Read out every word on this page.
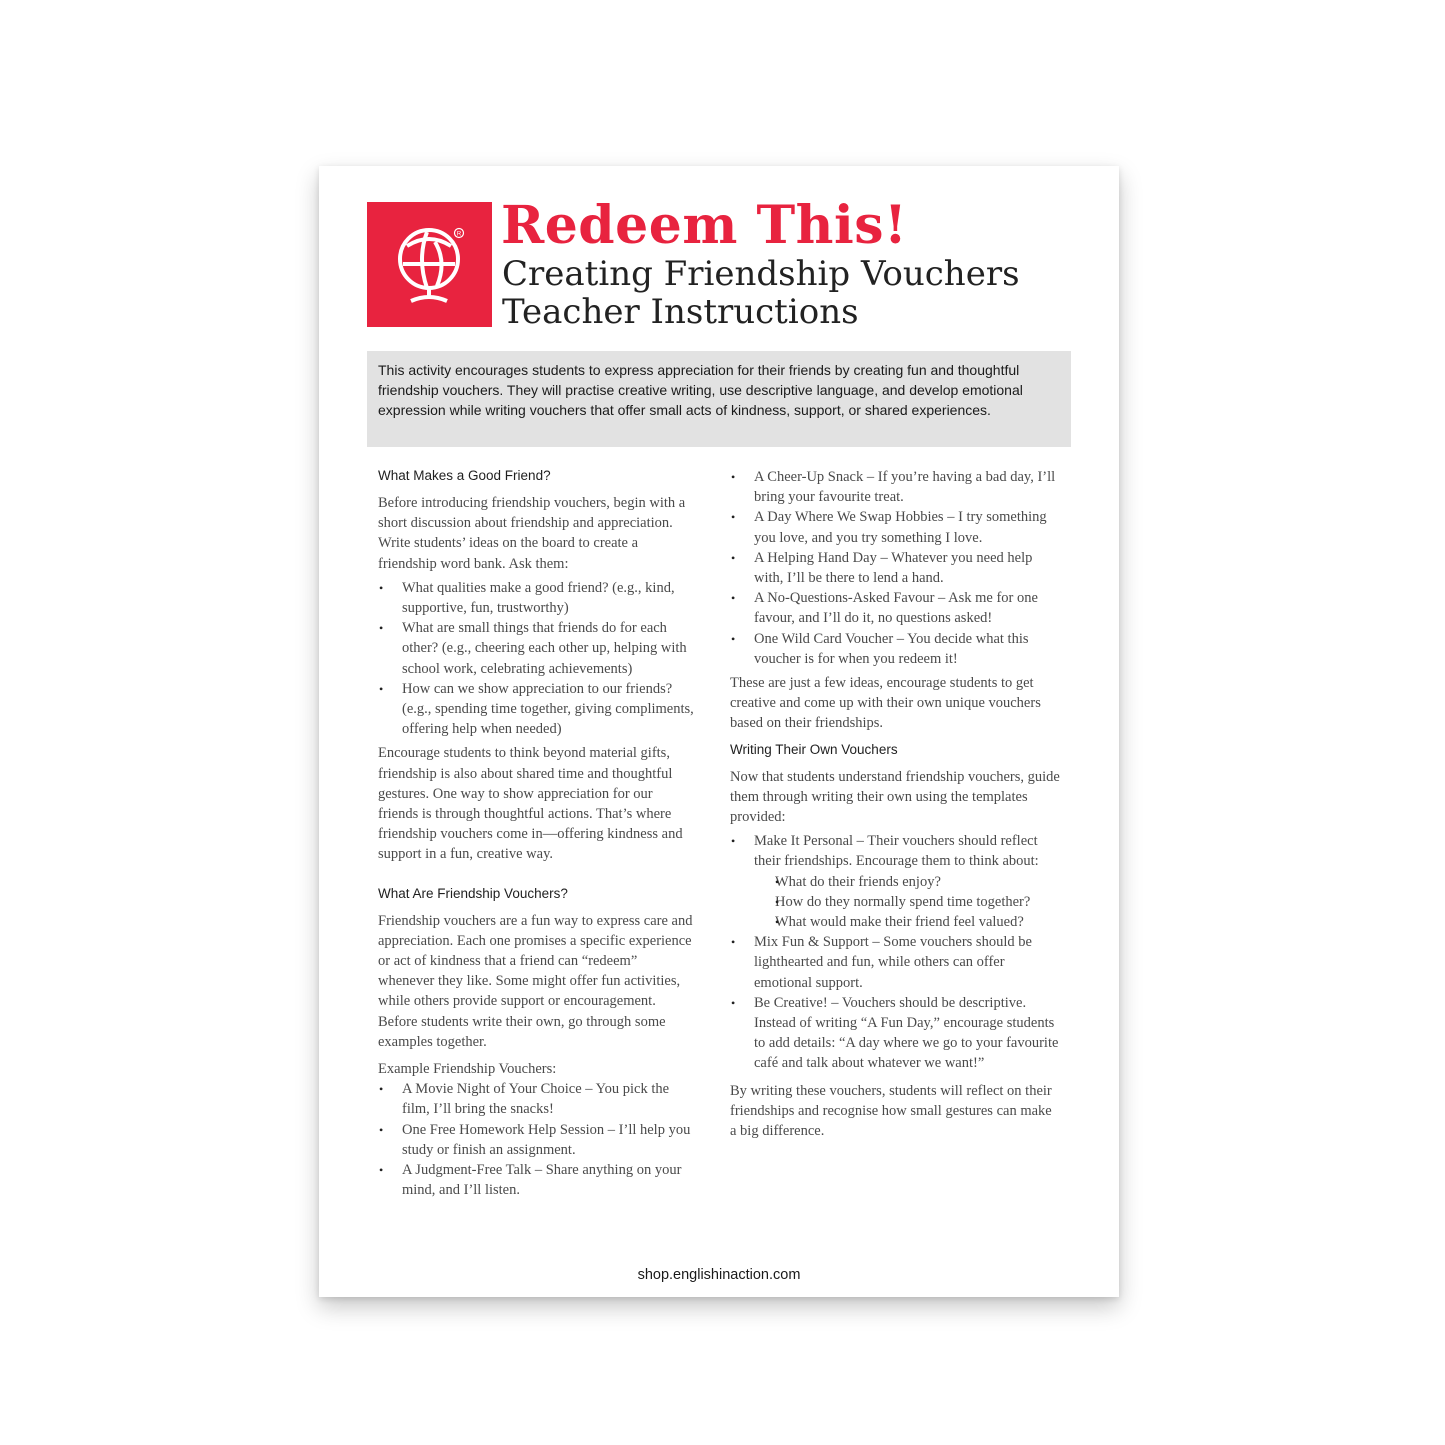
R Redeem This!
Creating Friendship Vouchers
Teacher Instructions
This activity encourages students to express appreciation for their friends by creating fun and thoughtful friendship vouchers. They will practise creative writing, use descriptive language, and develop emotional expression while writing vouchers that offer small acts of kindness, support, or shared experiences.
What Makes a Good Friend?
Before introducing friendship vouchers, begin with a short discussion about friendship and appreciation. Write students’ ideas on the board to create a friendship word bank. Ask them:
• What qualities make a good friend? (e.g., kind, supportive, fun, trustworthy)
• What are small things that friends do for each other? (e.g., cheering each other up, helping with school work, celebrating achievements)
• How can we show appreciation to our friends? (e.g., spending time together, giving compliments, offering help when needed)
Encourage students to think beyond material gifts, friendship is also about shared time and thoughtful gestures. One way to show appreciation for our friends is through thoughtful actions. That’s where friendship vouchers come in—offering kindness and support in a fun, creative way.
What Are Friendship Vouchers?
Friendship vouchers are a fun way to express care and appreciation. Each one promises a specific experience or act of kindness that a friend can “redeem” whenever they like. Some might offer fun activities, while others provide support or encouragement. Before students write their own, go through some examples together.
Example Friendship Vouchers:
• A Movie Night of Your Choice – You pick the film, I’ll bring the snacks!
• One Free Homework Help Session – I’ll help you study or finish an assignment.
• A Judgment-Free Talk – Share anything on your mind, and I’ll listen.
• A Cheer-Up Snack – If you’re having a bad day, I’ll bring your favourite treat.
• A Day Where We Swap Hobbies – I try something you love, and you try something I love.
• A Helping Hand Day – Whatever you need help with, I’ll be there to lend a hand.
• A No-Questions-Asked Favour – Ask me for one favour, and I’ll do it, no questions asked!
• One Wild Card Voucher – You decide what this voucher is for when you redeem it!
These are just a few ideas, encourage students to get creative and come up with their own unique vouchers based on their friendships.
Writing Their Own Vouchers
Now that students understand friendship vouchers, guide them through writing their own using the templates provided:
• Make It Personal – Their vouchers should reflect their friendships. Encourage them to think about:
• What do their friends enjoy?
• How do they normally spend time together?
• What would make their friend feel valued?
• Mix Fun & Support – Some vouchers should be lighthearted and fun, while others can offer emotional support.
• Be Creative! – Vouchers should be descriptive. Instead of writing “A Fun Day,” encourage students to add details: “A day where we go to your favourite café and talk about whatever we want!”
By writing these vouchers, students will reflect on their friendships and recognise how small gestures can make a big difference.
shop.englishinaction.com
